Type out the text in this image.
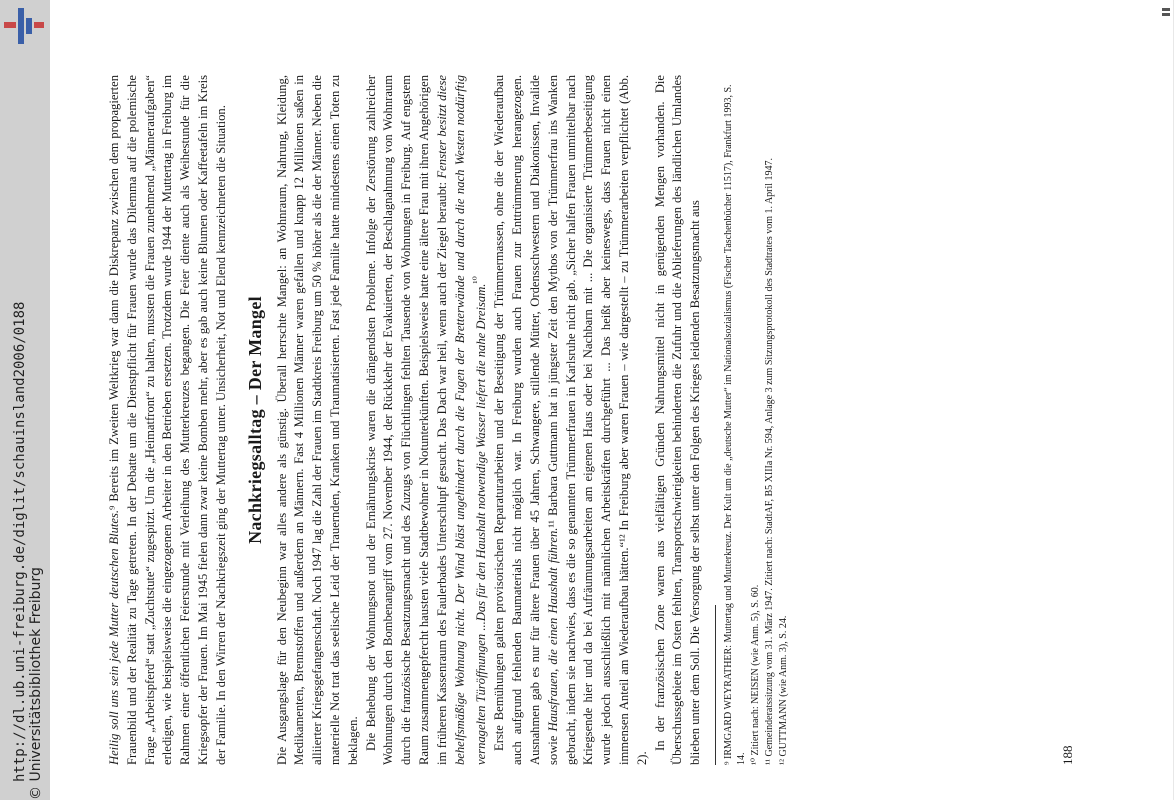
http://dl.ub.uni-freiburg.de/diglit/schauinsland2006/0188 © Universitätsbibliothek Freiburg	Heilig soll uns sein jede Mutter deutschen Blutes.⁹ Bereits im Zweiten Weltkrieg war dann die Diskrepanz zwischen dem propagierten Frauenbild und der Realität zu Tage getreten. In der Debatte um die Dienstpflicht für Frauen wurde das Dilemma auf die polemische Frage „Arbeitspferd“ statt „Zuchtstute“ zugespitzt. Um die „Heimatfront“ zu halten, mussten die Frauen zunehmend „Männeraufgaben“ erledigen, wie beispielsweise die eingezogenen Arbeiter in den Betrieben ersetzen. Trotzdem wurde 1944 der Muttertag in Freiburg im Rahmen einer öffentlichen Feierstunde mit Verleihung des Mutterkreuzes begangen. Die Feier diente auch als Weihestunde für die Kriegsopfer der Frauen. Im Mai 1945 fielen dann zwar keine Bomben mehr, aber es gab auch keine Blumen oder Kaffeetafeln im Kreis der Familie. In den Wirren der Nachkriegszeit ging der Muttertag unter. Unsicherheit, Not und Elend kennzeichneten die Situation. Nachkriegsalltag – Der Mangel Die Ausgangslage für den Neubeginn war alles andere als günstig. Überall herrschte Mangel: an Wohnraum, Nahrung, Kleidung, Medikamenten, Brennstoffen und außerdem an Männern. Fast 4 Millionen Männer waren gefallen und knapp 12 Millionen saßen in alliierter Kriegsgefangenschaft. Noch 1947 lag die Zahl der Frauen im Stadtkreis Freiburg um 50 % höher als die der Männer. Neben die materielle Not trat das seelische Leid der Trauernden, Kranken und Traumatisierten. Fast jede Familie hatte mindestens einen Toten zu beklagen. Die Behebung der Wohnungsnot und der Ernährungskrise waren die drängendsten Probleme. Infolge der Zerstörung zahlreicher Wohnungen durch den Bombenangriff vom 27. November 1944, der Rückkehr der Evakuierten, der Beschlagnahmung von Wohnraum durch die französische Besatzungsmacht und des Zuzugs von Flüchtlingen fehlten Tausende von Wohnungen in Freiburg. Auf engstem Raum zusammengepfercht hausten viele Stadtbewohner in Notunterkünften. Beispielsweise hatte eine ältere Frau mit ihren Angehörigen im früheren Kassenraum des Faulerbades Unterschlupf gesucht. Das Dach war heil, wenn auch der Ziegel beraubt: Fenster besitzt diese behelfsmäßige Wohnung nicht. Der Wind bläst ungehindert durch die Fugen der Bretterwände und durch die nach Westen notdürftig vernagelten Türöffnungen ...Das für den Haushalt notwendige Wasser liefert die nahe Dreisam.$^{^{10}}$ Erste Bemühungen galten provisorischen Reparaturarbeiten und der Beseitigung der Trümmermassen, ohne die der Wiederaufbau auch aufgrund fehlenden Baumaterials nicht möglich war. In Freiburg wurden auch Frauen zur Enttrümmerung herangezogen. Ausnahmen gab es nur für ältere Frauen über 45 Jahren, Schwangere, stillende Mütter, Ordensschwestern und Diakonissen, Invalide sowie Hausfrauen, die einen Haushalt führen.¹¹ Barbara Guttmann hat in jüngster Zeit den Mythos von der Trümmerfrau ins Wanken gebracht, indem sie nachwies, dass es die so genannten Trümmerfrauen in Karlsruhe nicht gab. „Sicher halfen Frauen unmittelbar nach Kriegsende hier und da bei Aufräumungsarbeiten am eigenen Haus oder bei Nachbarn mit ... Die organisierte Trümmerbeseitigung wurde jedoch ausschließlich mit männlichen Arbeitskräften durchgeführt ... Das heißt aber keineswegs, dass Frauen nicht einen immensen Anteil am Wiederaufbau hätten.“¹² In Freiburg aber waren Frauen – wie dargestellt – zu Trümmerarbeiten verpflichtet (Abb. 2).

In der französischen Zone waren aus vielfältigen Gründen Nahrungsmittel nicht in genügenden Mengen vorhanden. Die Überschussgebiete im Osten fehlten, Transportschwierigkeiten behinderten die Zufuhr und die Ablieferungen des ländlichen Umlandes blieben unter dem Soll. Die Versorgung der selbst unter den Folgen des Krieges leidenden Besatzungsmacht aus ⁹ IRMGARD WEYRATHER: Muttertag und Mutterkreuz. Der Kult um die „deutsche Mutter“ im Nationalsozialismus (Fischer Taschenbücher 11517), Frankfurt 1993, S. 14. ¹⁰ Zitiert nach: NEISEN (wie Anm. 5), S. 60. ¹¹ Gemeinderatssitzung vom 31. März 1947. Zitiert nach: StadtAF, B5 XIIIa Nr. 594, Anlage 3 zum Sitzungsprotokoll des Stadtrates vom 1. April 1947. ¹² GUTTMANN (wie Anm. 3), S. 24.	188
